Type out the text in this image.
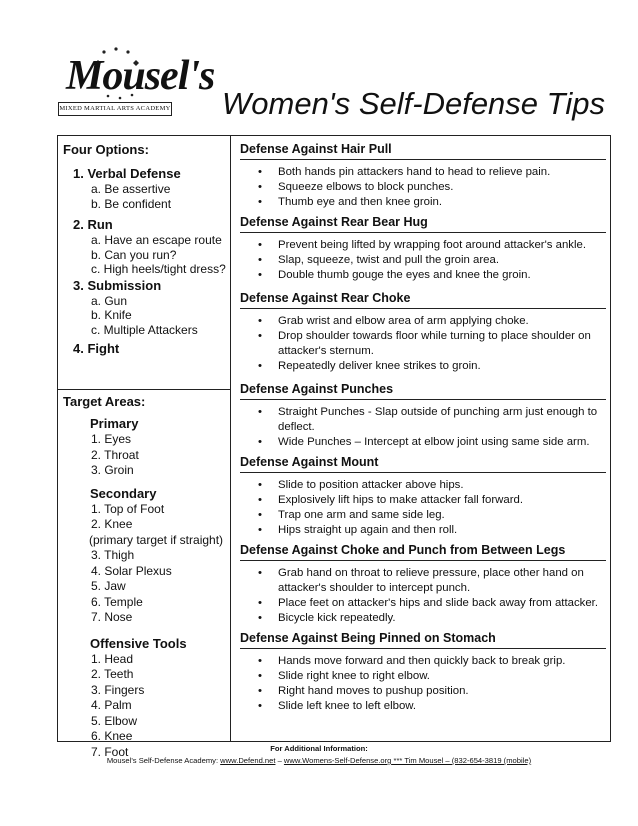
Mousel's
MIXED MARTIAL ARTS ACADEMY Women's Self-Defense Tips
Four Options:
1. Verbal Defense
a. Be assertive
b. Be confident
2. Run
a. Have an escape route
b. Can you run?
c. High heels/tight dress?
3. Submission
a. Gun
b. Knife
c. Multiple Attackers
4. Fight
Target Areas:
Primary
1. Eyes
2. Throat
3. Groin
Secondary
1. Top of Foot
2. Knee
(primary target if straight)
3. Thigh
4. Solar Plexus
5. Jaw
6. Temple
7. Nose
Offensive Tools
1. Head
2. Teeth
3. Fingers
4. Palm
5. Elbow
6. Knee
7. Foot
Defense Against Hair Pull
• Both hands pin attackers hand to head to relieve pain.
• Squeeze elbows to block punches.
• Thumb eye and then knee groin.
Defense Against Rear Bear Hug
• Prevent being lifted by wrapping foot around attacker's ankle.
• Slap, squeeze, twist and pull the groin area.
• Double thumb gouge the eyes and knee the groin.
Defense Against Rear Choke
• Grab wrist and elbow area of arm applying choke.
• Drop shoulder towards floor while turning to place shoulder on attacker's sternum.
• Repeatedly deliver knee strikes to groin.
Defense Against Punches
• Straight Punches - Slap outside of punching arm just enough to deflect.
• Wide Punches – Intercept at elbow joint using same side arm.
Defense Against Mount
• Slide to position attacker above hips.
• Explosively lift hips to make attacker fall forward.
• Trap one arm and same side leg.
• Hips straight up again and then roll.
Defense Against Choke and Punch from Between Legs
• Grab hand on throat to relieve pressure, place other hand on attacker's shoulder to intercept punch.
• Place feet on attacker's hips and slide back away from attacker.
• Bicycle kick repeatedly.
Defense Against Being Pinned on Stomach
• Hands move forward and then quickly back to break grip.
• Slide right knee to right elbow.
• Right hand moves to pushup position.
• Slide left knee to left elbow.
For Additional Information:
Mousel's Self-Defense Academy: www.Defend.net – www.Womens-Self-Defense.org *** Tim Mousel – (832-654-3819 (mobile)
